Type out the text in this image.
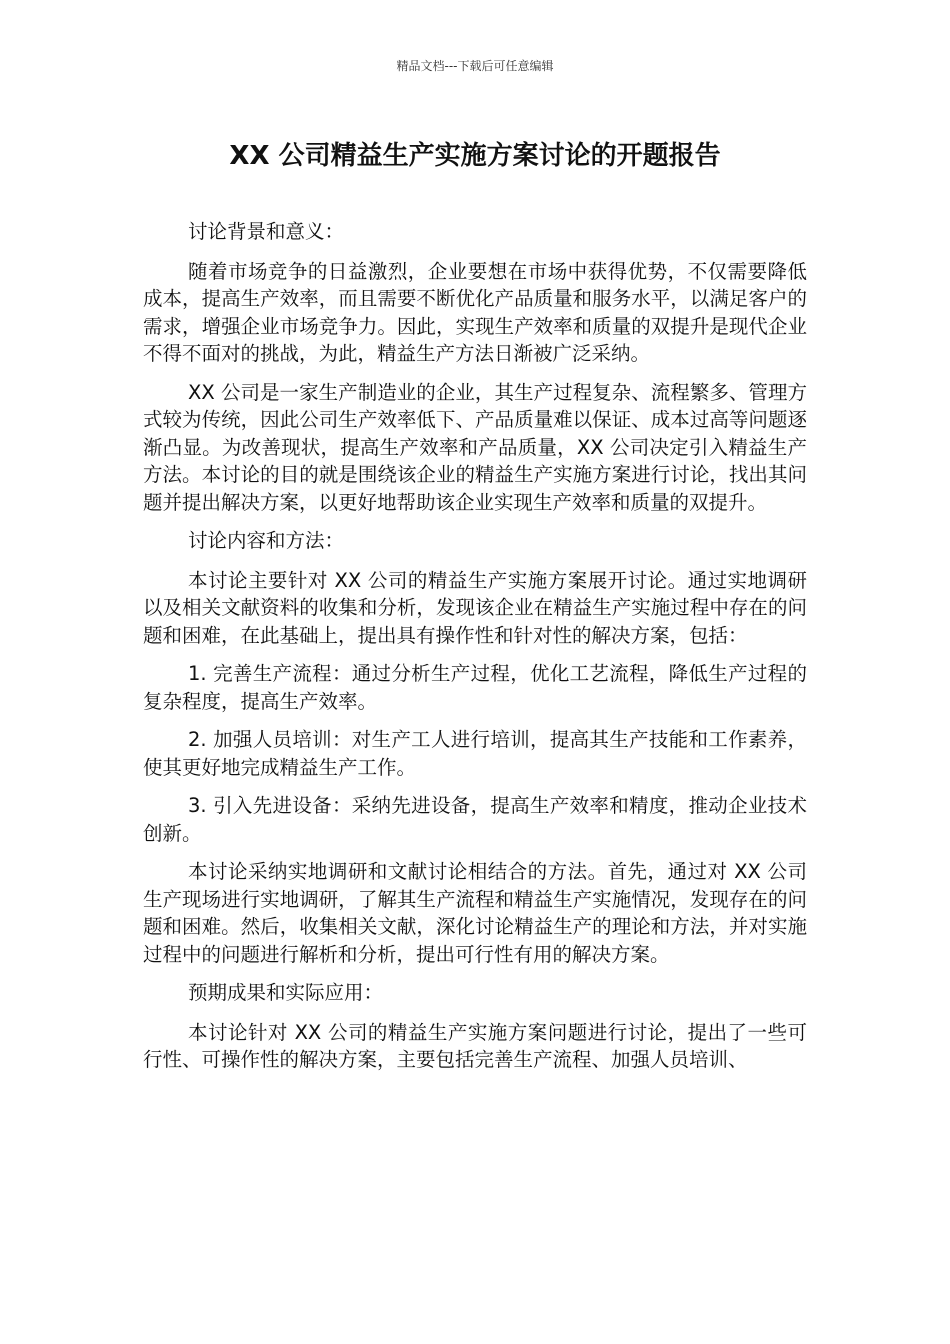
精品文档---下载后可任意编辑
XX 公司精益生产实施方案讨论的开题报告

讨论背景和意义：

随着市场竞争的日益激烈，企业要想在市场中获得优势，不仅需要降低成本，提高生产效率，而且需要不断优化产品质量和服务水平，以满足客户的需求，增强企业市场竞争力。因此，实现生产效率和质量的双提升是现代企业不得不面对的挑战，为此，精益生产方法日渐被广泛采纳。

XX 公司是一家生产制造业的企业，其生产过程复杂、流程繁多、管理方式较为传统，因此公司生产效率低下、产品质量难以保证、成本过高等问题逐渐凸显。为改善现状，提高生产效率和产品质量，XX 公司决定引入精益生产方法。本讨论的目的就是围绕该企业的精益生产实施方案进行讨论，找出其问题并提出解决方案，以更好地帮助该企业实现生产效率和质量的双提升。

讨论内容和方法：

本讨论主要针对 XX 公司的精益生产实施方案展开讨论。通过实地调研以及相关文献资料的收集和分析，发现该企业在精益生产实施过程中存在的问题和困难，在此基础上，提出具有操作性和针对性的解决方案，包括：

1. 完善生产流程：通过分析生产过程，优化工艺流程，降低生产过程的复杂程度，提高生产效率。

2. 加强人员培训：对生产工人进行培训，提高其生产技能和工作素养，使其更好地完成精益生产工作。

3. 引入先进设备：采纳先进设备，提高生产效率和精度，推动企业技术创新。

本讨论采纳实地调研和文献讨论相结合的方法。首先，通过对 XX 公司生产现场进行实地调研，了解其生产流程和精益生产实施情况，发现存在的问题和困难。然后，收集相关文献，深化讨论精益生产的理论和方法，并对实施过程中的问题进行解析和分析，提出可行性有用的解决方案。

预期成果和实际应用：

本讨论针对 XX 公司的精益生产实施方案问题进行讨论，提出了一些可行性、可操作性的解决方案，主要包括完善生产流程、加强人员培训、
